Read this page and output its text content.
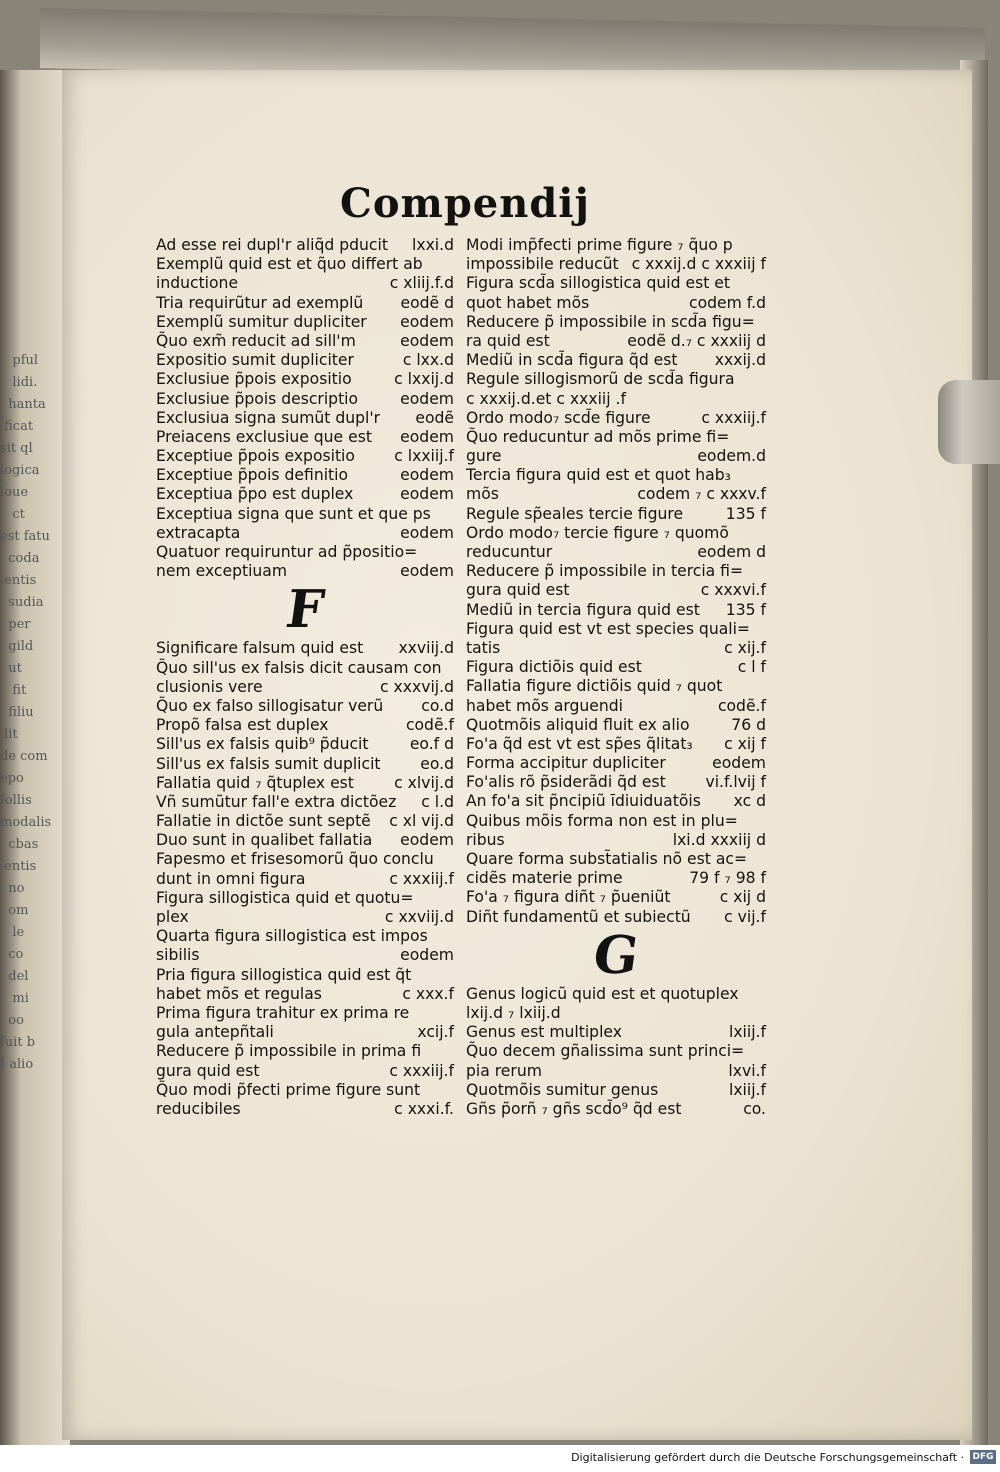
pful
lidi.
hanta
ficat
sit ql
logica
loue
ct
est fatu
coda
entis
sudia
per
gild
ut
fit
filiu
lit
de com
epo
follis
modalis
cbas
entis
no
om
le
co
del
mi
oo
fuit b
I alio
Compendij
Ad esse rei dupl'r aliq̃d pducit	lxxi.d
Exemplũ quid est et q̃uo differt ab
inductione	c xliij.f.d
Tria requirũtur ad exemplũ	eodẽ d
Exemplũ sumitur dupliciter	eodem
Q̃uo exm̃ reducit ad sill'm	eodem
Expositio sumit dupliciter	c lxx.d
Exclusiue p̃pois expositio	c lxxij.d
Exclusiue p̃pois descriptio	eodem
Exclusiua signa sumũt dupl'r	eodẽ
Preiacens exclusiue que est	eodem
Exceptiue p̃pois expositio	c lxxiij.f
Exceptiue p̃pois definitio	eodem
Exceptiua p̃po est duplex	eodem
Exceptiua signa que sunt et que ps
extracapta	eodem
Quatuor requiruntur ad p̃positio=
nem exceptiuam	eodem
F
Significare falsum quid est	xxviij.d
Q̃uo sill'us ex falsis dicit causam con
clusionis vere	c xxxvij.d
Q̃uo ex falso sillogisatur verũ	co.d
Propõ falsa est duplex	codẽ.f
Sill'us ex falsis quib⁹ p̃ducit	eo.f d
Sill'us ex falsis sumit duplicit	eo.d
Fallatia quid ₇ q̃tuplex est	c xlvij.d
Vñ sumũtur fall'e extra dictõez	c l.d
Fallatie in dictõe sunt septẽ	c xl vij.d
Duo sunt in qualibet fallatia	eodem
Fapesmo et frisesomorũ q̃uo conclu
dunt in omni figura	c xxxiij.f
Figura sillogistica quid et quotu=
plex	c xxviij.d
Quarta figura sillogistica est impos
sibilis	eodem
Pria figura sillogistica quid est q̃t
habet mõs et regulas	c xxx.f
Prima figura trahitur ex prima re
gula antepñtali	xcij.f
Reducere p̃ impossibile in prima fi
gura quid est	c xxxiij.f
Q̃uo modi p̃fecti prime figure sunt
reducibiles	c xxxi.f.
Modi imp̃fecti prime figure ₇ q̃uo p
impossibile reducũt c xxxij.d c xxxiij f
Figura scd̃a sillogistica quid est et
quot habet mõs	codem f.d
Reducere p̃ impossibile in scd̃a figu=
ra quid est	eodẽ d.₇ c xxxiij d
Mediũ in scd̃a figura q̃d est	xxxij.d
Regule sillogismorũ de scd̃a figura
c xxxij.d.et c xxxiij .f
Ordo modo₇ scd̃e figure	c xxxiij.f
Q̃uo reducuntur ad mõs prime fi=
gure	eodem.d
Tercia figura quid est et quot hab₃
mõs	codem ₇ c xxxv.f
Regule sp̃eales tercie figure	135 f
Ordo modo₇ tercie figure ₇ quomõ
reducuntur	eodem d
Reducere p̃ impossibile in tercia fi=
gura quid est	c xxxvi.f
Mediũ in tercia figura quid est	135 f
Figura quid est vt est species quali=
tatis	c xij.f
Figura dictiõis quid est	c l f
Fallatia figure dictiõis quid ₇ quot
habet mõs arguendi	codẽ.f
Quotmõis aliquid fluit ex alio	76 d
Fo'a q̃d est vt est sp̃es q̃litat₃	c xij f
Forma accipitur dupliciter	eodem
Fo'alis rõ p̃siderãdi q̃d est	vi.f.lvij f
An fo'a sit p̃ncipiũ īdiuiduatõis	xc d
Quibus mõis forma non est in plu=
ribus	lxi.d xxxiij d
Quare forma subst̃atialis nõ est ac=
cidẽs materie prime	79 f ₇ 98 f
Fo'a ₇ figura diñt ₇ p̃ueniũt	c xij d
Diñt fundamentũ et subiectũ	c vij.f
G
Genus logicũ quid est et quotuplex
lxij.d ₇ lxiij.d
Genus est multiplex	lxiij.f
Q̃uo decem gñalissima sunt princi=
pia rerum	lxvi.f
Quotmõis sumitur genus	lxiij.f
Gñs p̃orñ ₇ gñs scd̃o⁹ q̃d est	co.
Digitalisierung gefördert durch die Deutsche Forschungsgemeinschaft · DFG
